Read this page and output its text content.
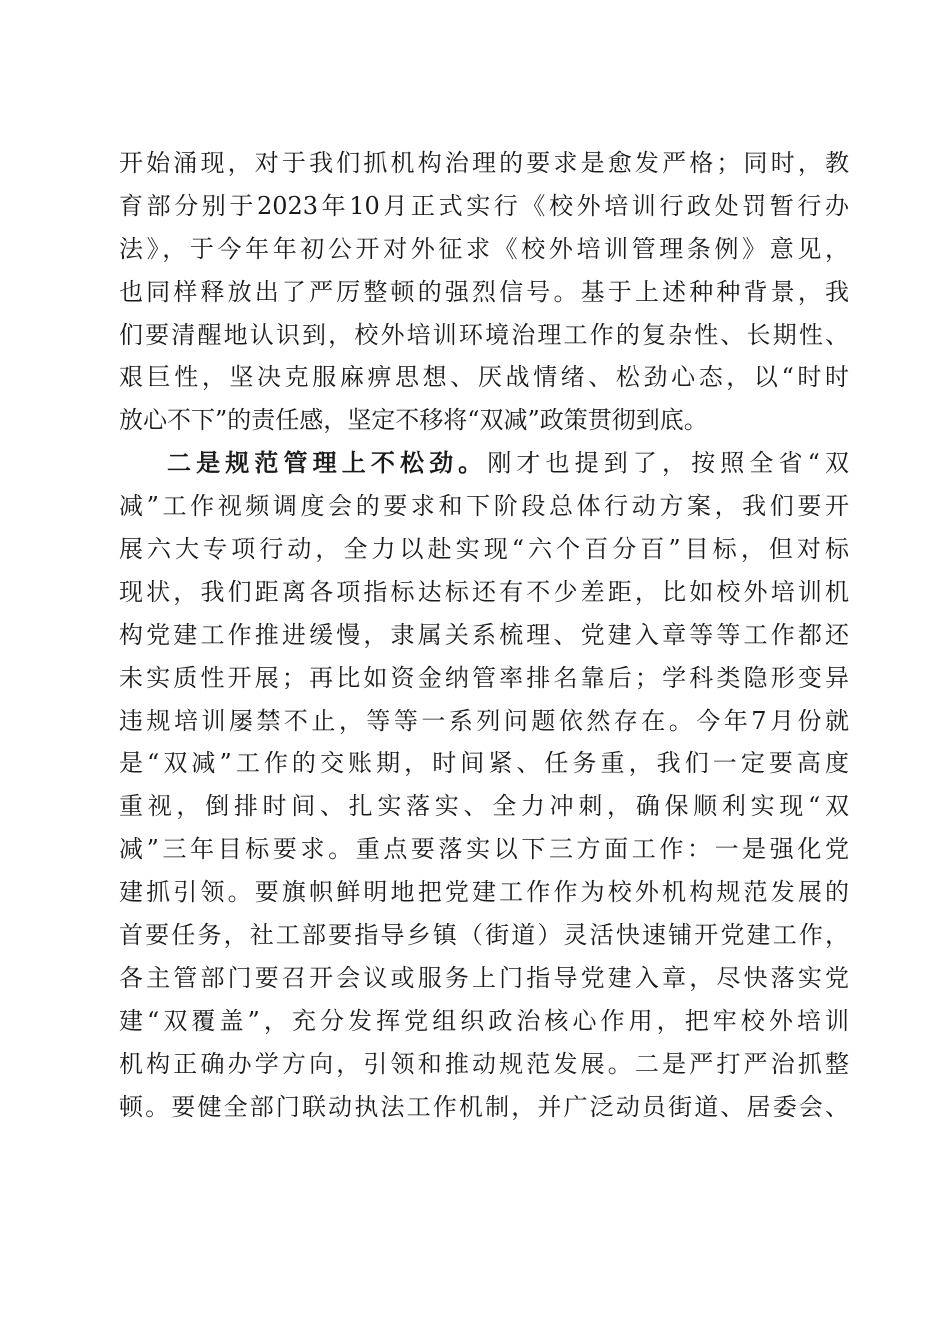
开始涌现，对于我们抓机构治理的要求是愈发严格；同时，教
育部分别于2023年10月正式实行《校外培训行政处罚暂行办
法》，于今年年初公开对外征求《校外培训管理条例》意见，
也同样释放出了严厉整顿的强烈信号。基于上述种种背景，我
们要清醒地认识到，校外培训环境治理工作的复杂性、长期性、
艰巨性，坚决克服麻痹思想、厌战情绪、松劲心态，以“时时
放心不下”的责任感，坚定不移将“双减”政策贯彻到底。
二是规范管理上不松劲。刚才也提到了，按照全省“双
减”工作视频调度会的要求和下阶段总体行动方案，我们要开
展六大专项行动，全力以赴实现“六个百分百”目标，但对标
现状，我们距离各项指标达标还有不少差距，比如校外培训机
构党建工作推进缓慢，隶属关系梳理、党建入章等等工作都还
未实质性开展；再比如资金纳管率排名靠后；学科类隐形变异
违规培训屡禁不止，等等一系列问题依然存在。今年7月份就
是“双减”工作的交账期，时间紧、任务重，我们一定要高度
重视，倒排时间、扎实落实、全力冲刺，确保顺利实现“双
减”三年目标要求。重点要落实以下三方面工作：一是强化党
建抓引领。要旗帜鲜明地把党建工作作为校外机构规范发展的
首要任务，社工部要指导乡镇（街道）灵活快速铺开党建工作，
各主管部门要召开会议或服务上门指导党建入章，尽快落实党
建“双覆盖”，充分发挥党组织政治核心作用，把牢校外培训
机构正确办学方向，引领和推动规范发展。二是严打严治抓整
顿。要健全部门联动执法工作机制，并广泛动员街道、居委会、
